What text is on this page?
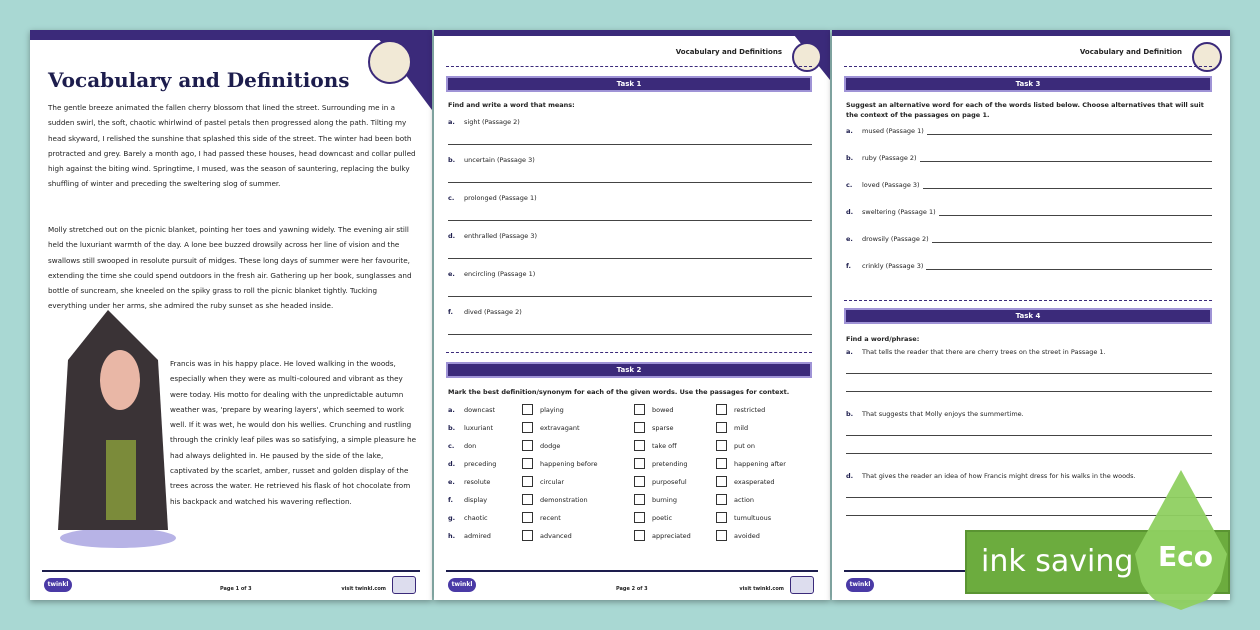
Vocabulary and Definitions

The gentle breeze animated the fallen cherry blossom that lined the street. Surrounding me in a sudden swirl, the soft, chaotic whirlwind of pastel petals then progressed along the path. Tilting my head skyward, I relished the sunshine that splashed this side of the street. The winter had been both protracted and grey. Barely a month ago, I had passed these houses, head downcast and collar pulled high against the biting wind. Springtime, I mused, was the season of sauntering, replacing the bulky shuffling of winter and preceding the sweltering slog of summer.

Molly stretched out on the picnic blanket, pointing her toes and yawning widely. The evening air still held the luxuriant warmth of the day. A lone bee buzzed drowsily across her line of vision and the swallows still swooped in resolute pursuit of midges. These long days of summer were her favourite, extending the time she could spend outdoors in the fresh air. Gathering up her book, sunglasses and bottle of suncream, she kneeled on the spiky grass to roll the picnic blanket tightly. Tucking everything under her arms, she admired the ruby sunset as she headed inside.

Francis was in his happy place. He loved walking in the woods, especially when they were as multi-coloured and vibrant as they were today. His motto for dealing with the unpredictable autumn weather was, 'prepare by wearing layers', which seemed to work well. If it was wet, he would don his wellies. Crunching and rustling through the crinkly leaf piles was so satisfying, a simple pleasure he had always delighted in. He paused by the side of the lake, captivated by the scarlet, amber, russet and golden display of the trees across the water. He retrieved his flask of hot chocolate from his backpack and watched his wavering reflection.

twinkl
Page 1 of 3	visit twinkl.com
Vocabulary and Definitions
Task 1
Find and write a word that means:
a. sight (Passage 2)
b. uncertain (Passage 3)
c. prolonged (Passage 1)
d. enthralled (Passage 3)
e. encircling (Passage 1)
f. dived (Passage 2)
Task 2
Mark the best definition/synonym for each of the given words. Use the passages for context.
a. downcast	playing	bowed	restricted
b. luxuriant	extravagant	sparse	mild
c. don	dodge	take off	put on
d. preceding	happening before	pretending	happening after
e. resolute	circular	purposeful	exasperated
f. display	demonstration	burning	action
g. chaotic	recent	poetic	tumultuous
h. admired	advanced	appreciated	avoided
twinkl
Page 2 of 3	visit twinkl.com
Vocabulary and Definition
Task 3
Suggest an alternative word for each of the words listed below. Choose alternatives that will suit the context of the passages on page 1.
a.	mused (Passage 1)
b.	ruby (Passage 2)
c.	loved (Passage 3)
d.	sweltering (Passage 1)
e.	drowsily (Passage 2)
f.	crinkly (Passage 3)
Task 4
Find a word/phrase:
a. That tells the reader that there are cherry trees on the street in Passage 1.
b. That suggests that Molly enjoys the summertime.
d. That gives the reader an idea of how Francis might dress for his walks in the woods.
twinkl
ink saving Eco
